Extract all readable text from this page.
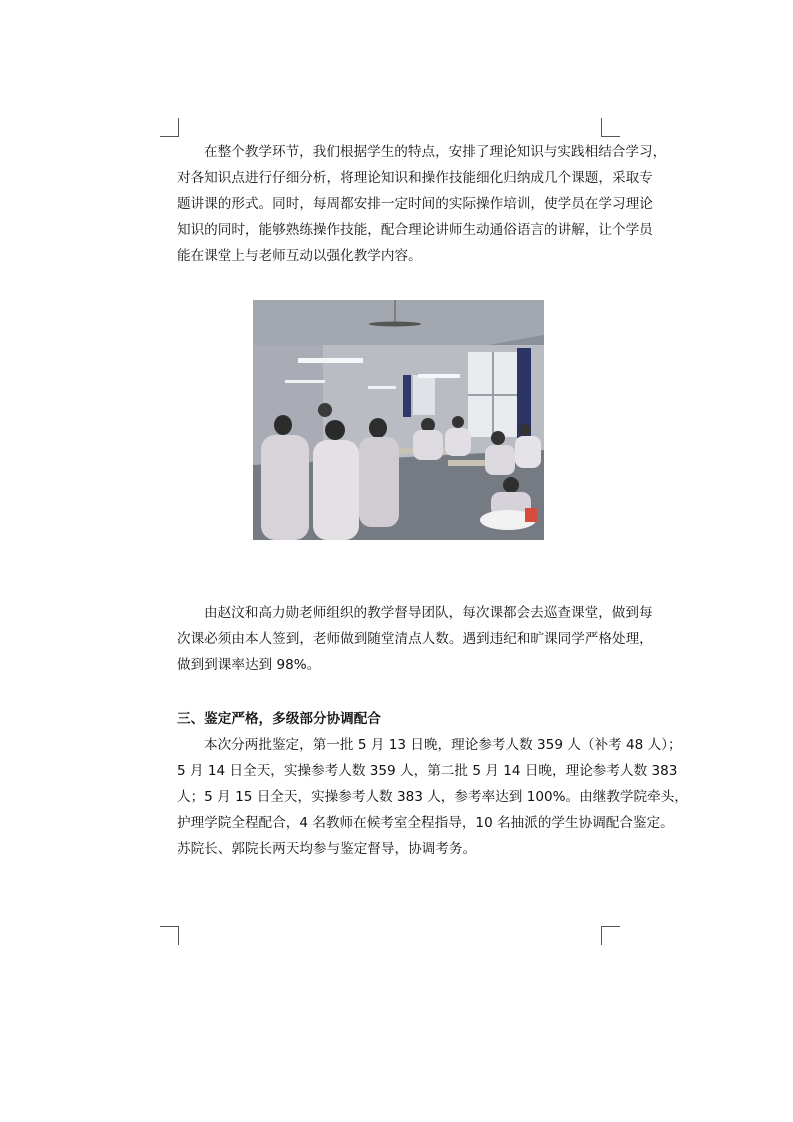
在整个教学环节，我们根据学生的特点，安排了理论知识与实践相结合学习，
对各知识点进行仔细分析，将理论知识和操作技能细化归纳成几个课题，采取专
题讲课的形式。同时，每周都安排一定时间的实际操作培训，使学员在学习理论
知识的同时，能够熟练操作技能，配合理论讲师生动通俗语言的讲解，让个学员
能在课堂上与老师互动以强化教学内容。
由赵汶和高力勋老师组织的教学督导团队，每次课都会去巡查课堂，做到每
次课必须由本人签到，老师做到随堂清点人数。遇到违纪和旷课同学严格处理，
做到到课率达到 98%。
三、鉴定严格，多级部分协调配合
本次分两批鉴定，第一批 5 月 13 日晚，理论参考人数 359 人（补考 48 人）；
5 月 14 日全天，实操参考人数 359 人，第二批 5 月 14 日晚，理论参考人数 383
人；5 月 15 日全天，实操参考人数 383 人，参考率达到 100%。由继教学院牵头，
护理学院全程配合，4 名教师在候考室全程指导，10 名抽派的学生协调配合鉴定。
苏院长、郭院长两天均参与鉴定督导，协调考务。
